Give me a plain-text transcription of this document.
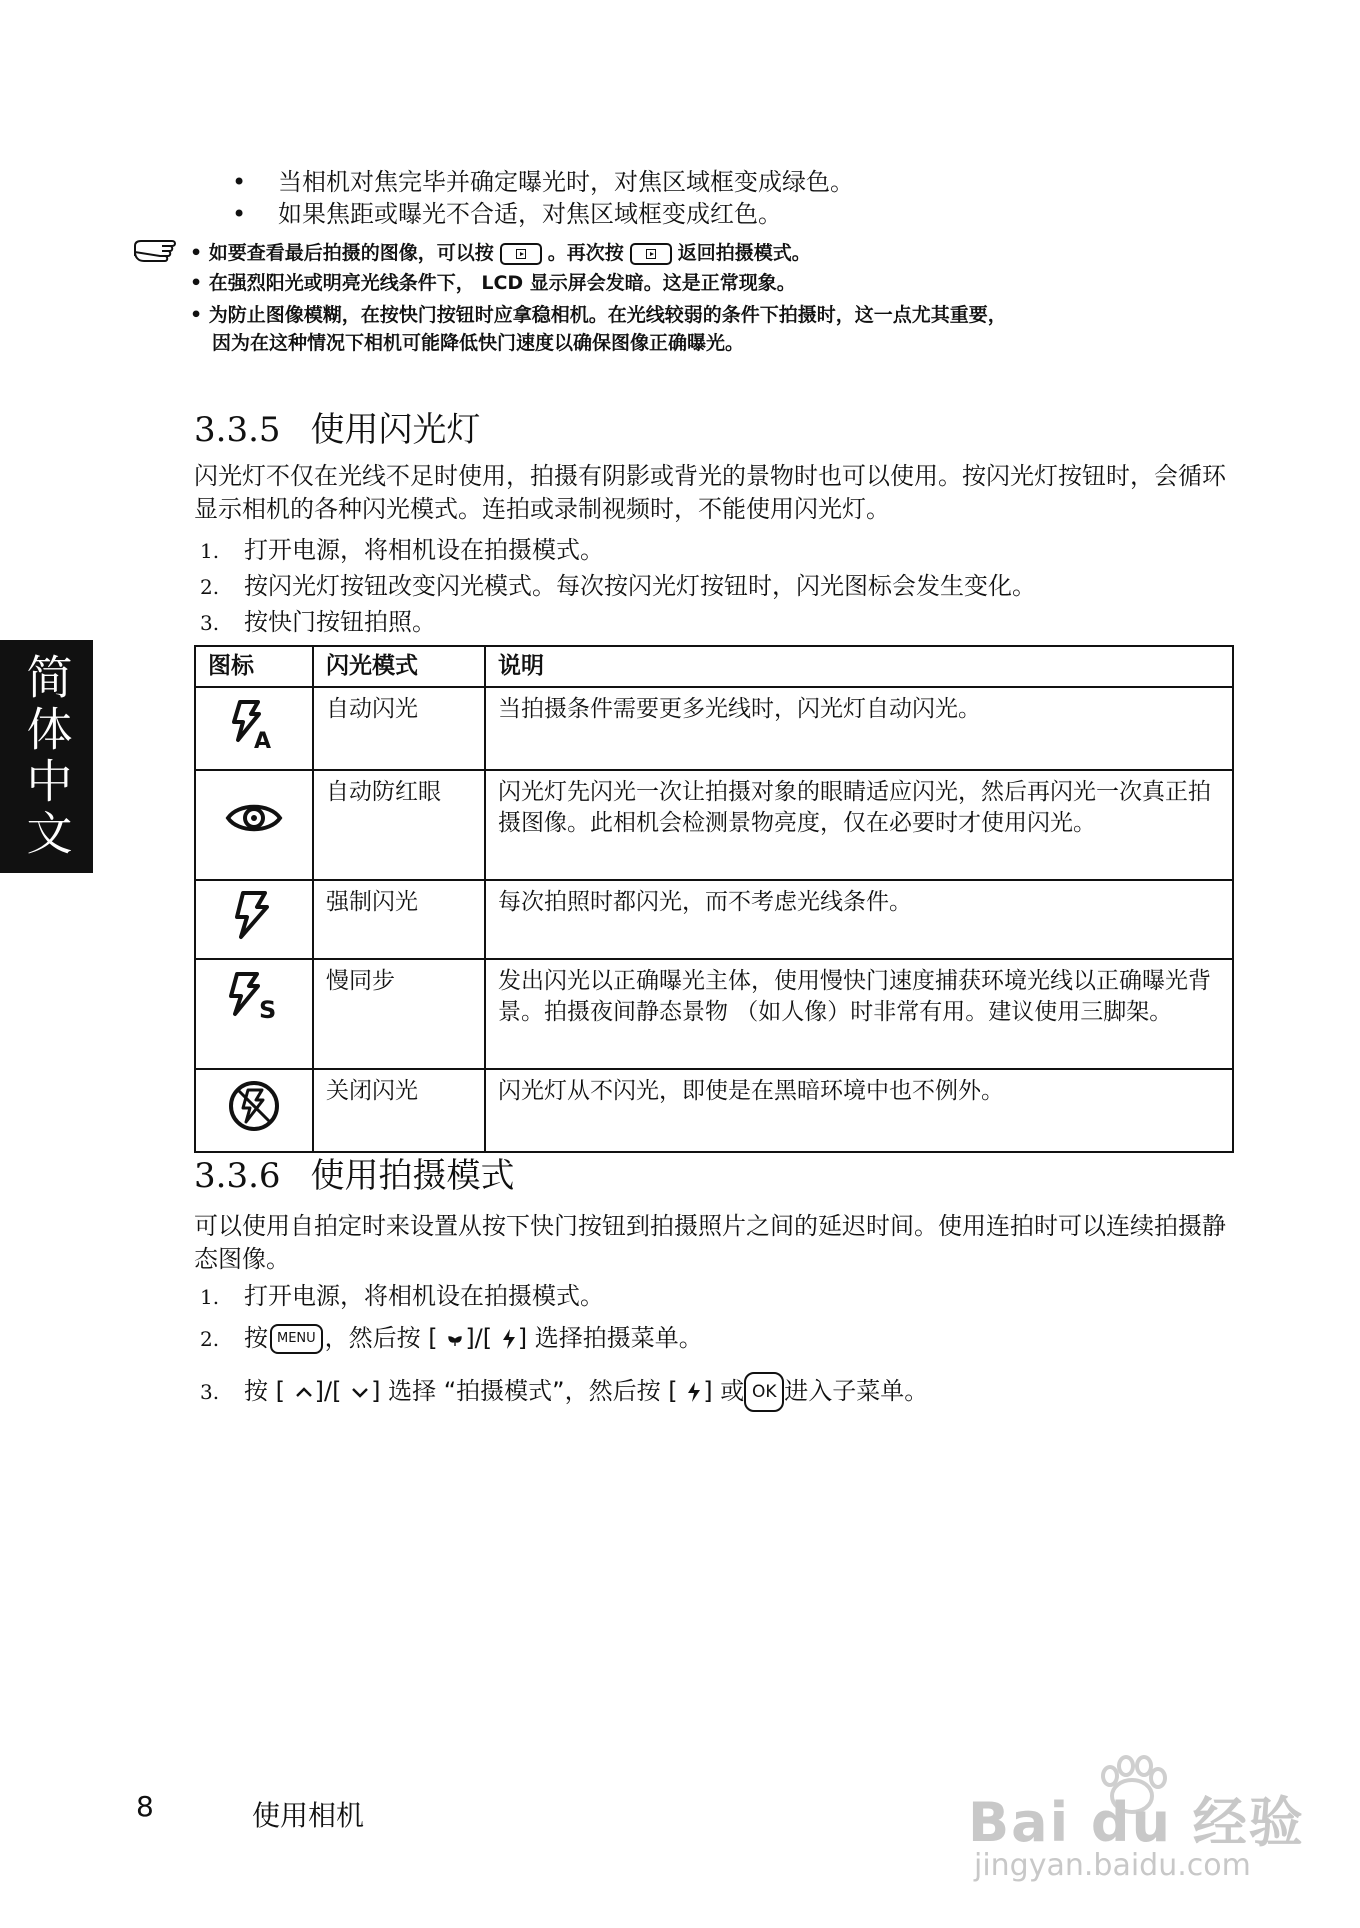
简体中文
• 当相机对焦完毕并确定曝光时，对焦区域框变成绿色。
• 如果焦距或曝光不合适，对焦区域框变成红色。
• 如要查看最后拍摄的图像，可以按	。再次按	返回拍摄模式。
• 在强烈阳光或明亮光线条件下， LCD 显示屏会发暗。这是正常现象。
• 为防止图像模糊，在按快门按钮时应拿稳相机。在光线较弱的条件下拍摄时，这一点尤其重要，
因为在这种情况下相机可能降低快门速度以确保图像正确曝光。
3.3.5 使用闪光灯
闪光灯不仅在光线不足时使用，拍摄有阴影或背光的景物时也可以使用。按闪光灯按钮时，会循环显示相机的各种闪光模式。连拍或录制视频时，不能使用闪光灯。
1. 打开电源，将相机设在拍摄模式。
2. 按闪光灯按钮改变闪光模式。每次按闪光灯按钮时，闪光图标会发生变化。
3. 按快门按钮拍照。
图标	闪光模式	说明

A	自动闪光	当拍摄条件需要更多光线时，闪光灯自动闪光。
	自动防红眼	闪光灯先闪光一次让拍摄对象的眼睛适应闪光，然后再闪光一次真正拍摄图像。此相机会检测景物亮度，仅在必要时才使用闪光。
	强制闪光	每次拍照时都闪光，而不考虑光线条件。

S	慢同步	发出闪光以正确曝光主体，使用慢快门速度捕获环境光线以正确曝光背景。拍摄夜间静态景物 （如人像）时非常有用。建议使用三脚架。
	关闭闪光	闪光灯从不闪光，即使是在黑暗环境中也不例外。
3.3.6 使用拍摄模式
可以使用自拍定时来设置从按下快门按钮到拍摄照片之间的延迟时间。使用连拍时可以连续拍摄静态图像。
1. 打开电源，将相机设在拍摄模式。
2. 按 MENU ，然后按 [ ]/[ ] 选择拍摄菜单。
3. 按 [ ]/[ ] 选择 “拍摄模式”，然后按 [ ] 或 OK 进入子菜单。
8	使用相机	Bai du 经验
jingyan.baidu.com
